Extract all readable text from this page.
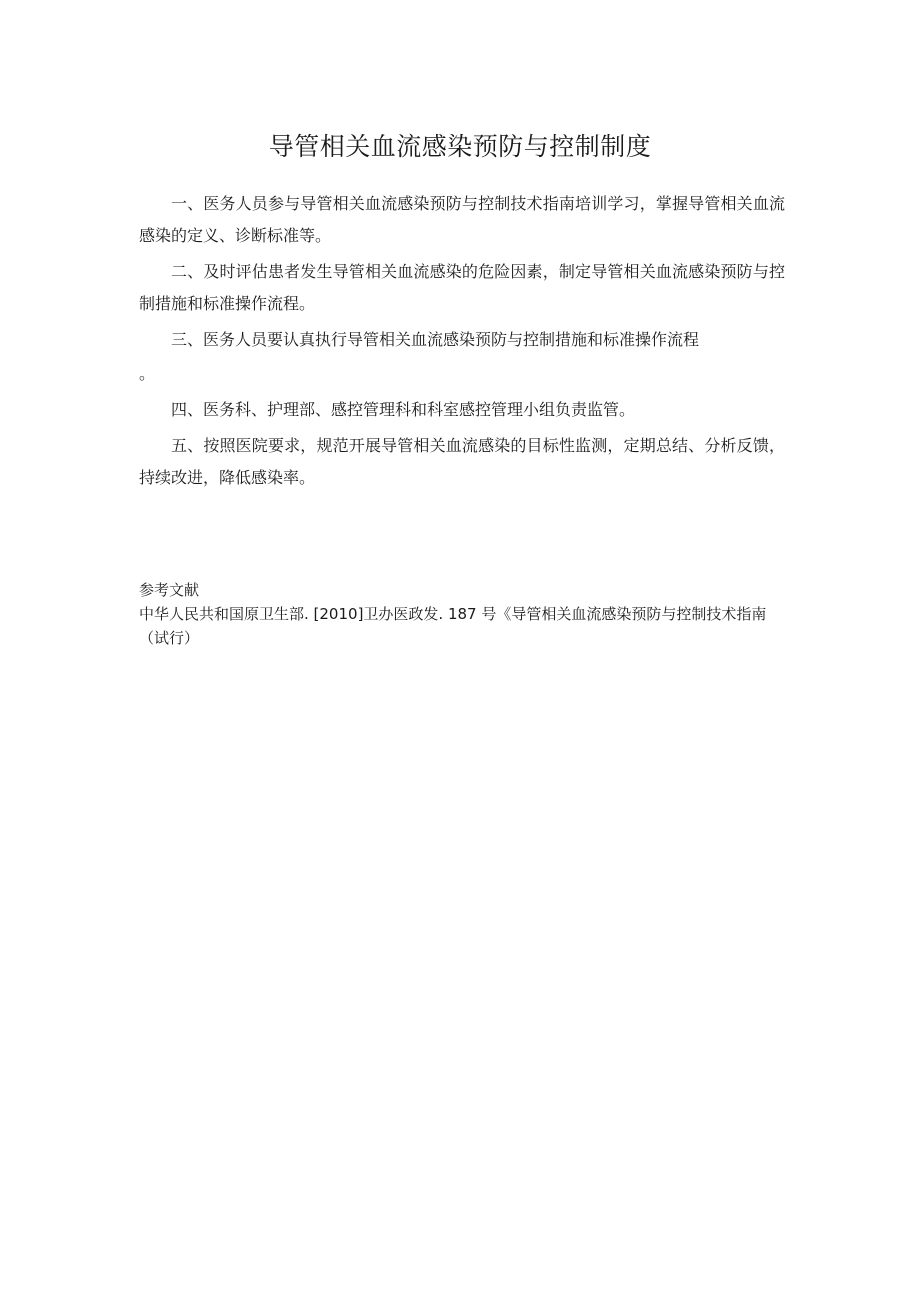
导管相关血流感染预防与控制制度

一、医务人员参与导管相关血流感染预防与控制技术指南培训学习，掌握导管相关血流感染的定义、诊断标准等。

二、及时评估患者发生导管相关血流感染的危险因素，制定导管相关血流感染预防与控制措施和标准操作流程。

三、医务人员要认真执行导管相关血流感染预防与控制措施和标准操作流程

。

四、医务科、护理部、感控管理科和科室感控管理小组负责监管。

五、按照医院要求，规范开展导管相关血流感染的目标性监测，定期总结、分析反馈，持续改进，降低感染率。

参考文献

中华人民共和国原卫生部. [2010]卫办医政发. 187 号《导管相关血流感染预防与控制技术指南

（试行）
